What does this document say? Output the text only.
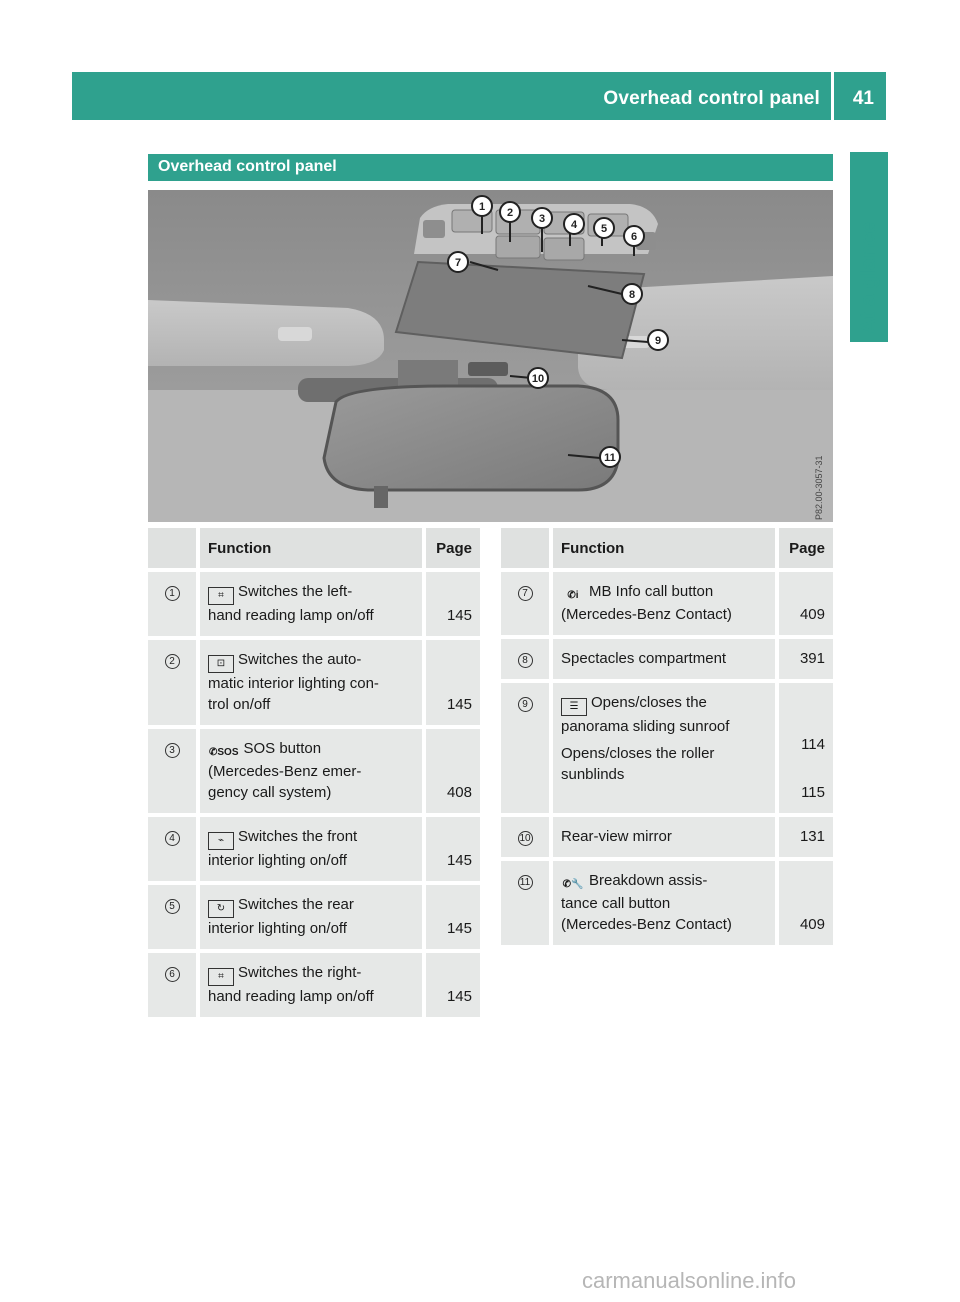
Overhead control panel 41
At a glance
Overhead control panel
1 2 3 4 5
6
8
9
10
11
7
P82.00-3057-31
	Function	Page
1	⌗ Switches the left-
hand reading lamp on/off	145
2	⊡ Switches the auto-
matic interior lighting con-
trol on/off	145
3	✆SOS SOS button
(Mercedes-Benz emer-
gency call system)	408
4	⌁ Switches the front
interior lighting on/off	145
5	↻ Switches the rear
interior lighting on/off	145
6	⌗ Switches the right-
hand reading lamp on/off	145
	Function	Page
7	✆i MB Info call button
(Mercedes-Benz Contact)	409
8	Spectacles compartment	391
9	☰ Opens/closes the
panorama sliding sunroof
Opens/closes the roller
sunblinds	114
115

10	Rear-view mirror	131
11	✆🔧 Breakdown assis-
tance call button
(Mercedes-Benz Contact)	409
carmanualsonline.info
